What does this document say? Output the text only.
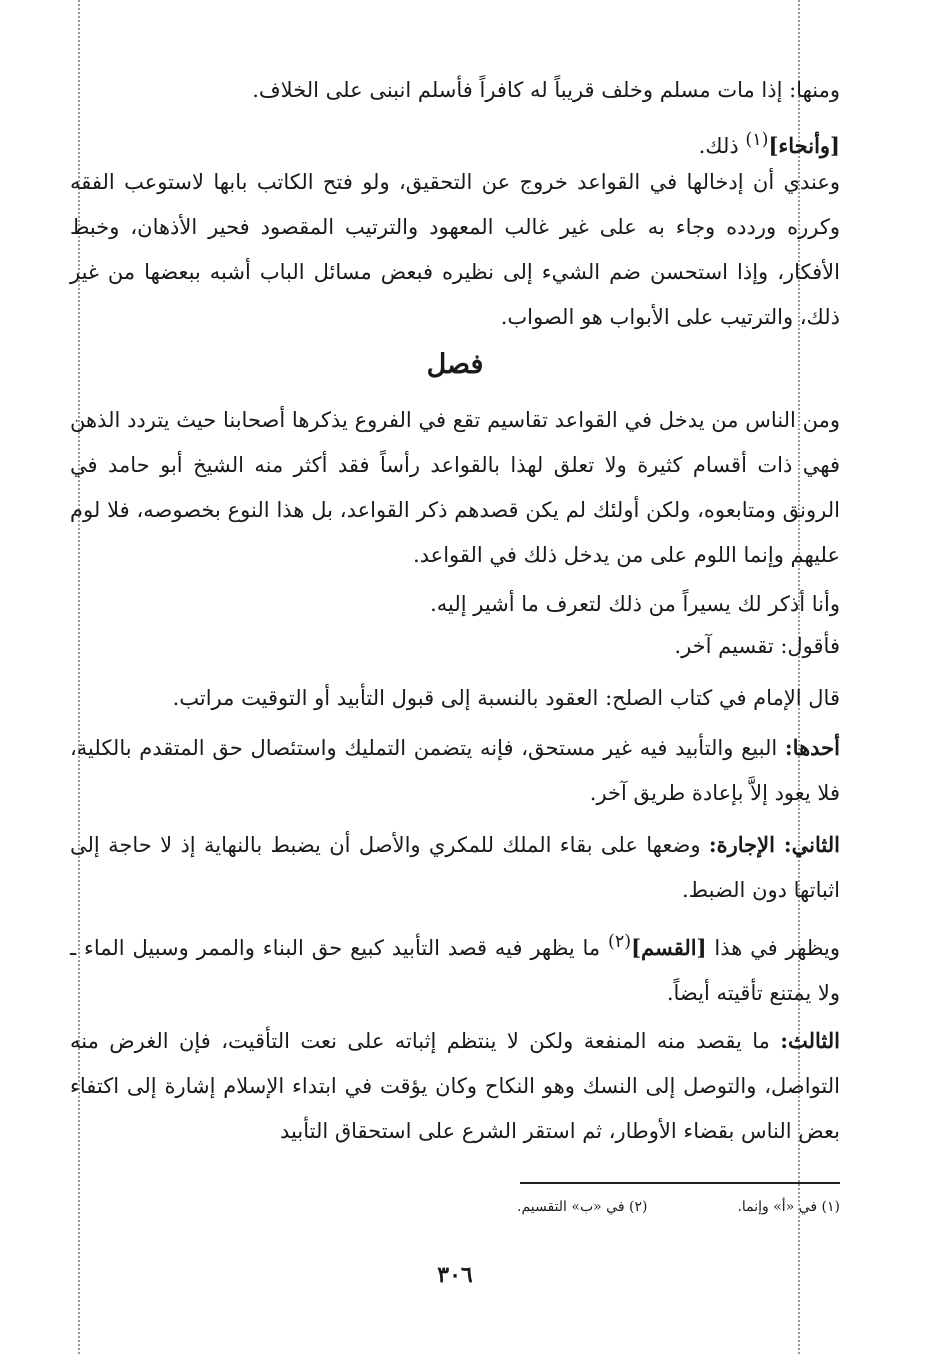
ومنها: إذا مات مسلم وخلف قريباً له كافراً فأسلم انبنى على الخلاف.

[وأنحاء]$^{(١)}$ ذلك.

وعندي أن إدخالها في القواعد خروج عن التحقيق، ولو فتح الكاتب بابها لاستوعب الفقه وكرره وردده وجاء به على غير غالب المعهود والترتيب المقصود فحير الأذهان، وخبط الأفكار، وإذا استحسن ضم الشيء إلى نظيره فبعض مسائل الباب أشبه ببعضها من غير ذلك، والترتيب على الأبواب هو الصواب.

فصل

ومن الناس من يدخل في القواعد تقاسيم تقع في الفروع يذكرها أصحابنا حيث يتردد الذهن فهي ذات أقسام كثيرة ولا تعلق لهذا بالقواعد رأساً فقد أكثر منه الشيخ أبو حامد في الرونق ومتابعوه، ولكن أولئك لم يكن قصدهم ذكر القواعد، بل هذا النوع بخصوصه، فلا لوم عليهم وإنما اللوم على من يدخل ذلك في القواعد.

وأنا أذكر لك يسيراً من ذلك لتعرف ما أشير إليه.

فأقول: تقسيم آخر.

قال الإمام في كتاب الصلح: العقود بالنسبة إلى قبول التأبيد أو التوقيت مراتب.

أحدها: البيع والتأبيد فيه غير مستحق، فإنه يتضمن التمليك واستئصال حق المتقدم بالكلية، فلا يعود إلاَّ بإعادة طريق آخر.

الثاني: الإجارة: وضعها على بقاء الملك للمكري والأصل أن يضبط بالنهاية إذ لا حاجة إلى اثباتها دون الضبط.

ويظهر في هذا [القسم]$^{(٢)}$ ما يظهر فيه قصد التأبيد كبيع حق البناء والممر وسبيل الماء ـ ولا يمتنع تأقيته أيضاً.

الثالث: ما يقصد منه المنفعة ولكن لا ينتظم إثباته على نعت التأقيت، فإن الغرض منه التواصل، والتوصل إلى النسك وهو النكاح وكان يؤقت في ابتداء الإسلام إشارة إلى اكتفاء بعض الناس بقضاء الأوطار، ثم استقر الشرع على استحقاق التأبيد

(١) في «أ» وإنما.
(٢) في «ب» التقسيم.

٣٠٦
